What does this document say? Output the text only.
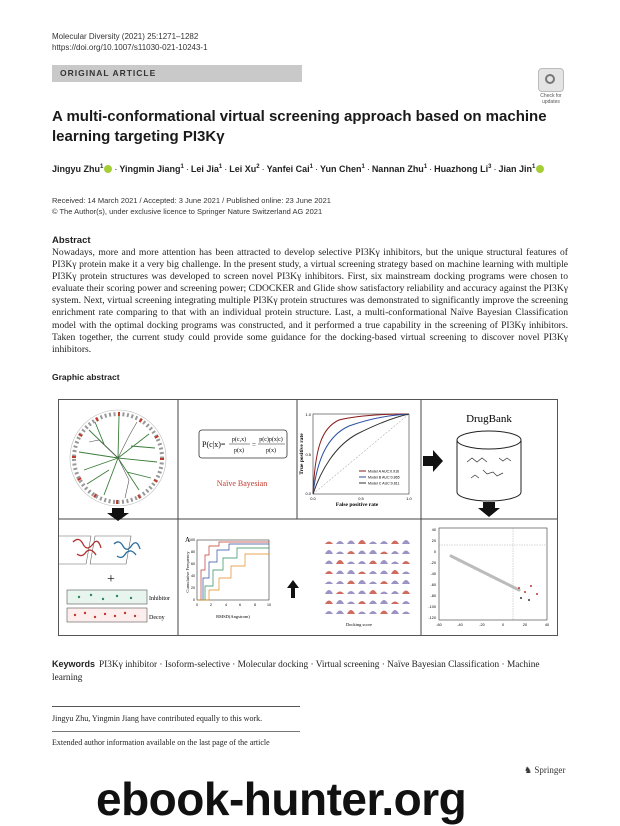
Molecular Diversity (2021) 25:1271–1282
https://doi.org/10.1007/s11030-021-10243-1
ORIGINAL ARTICLE
Check for updates
A multi-conformational virtual screening approach based on machine learning targeting PI3Kγ
Jingyu Zhu$^1$ · Yingmin Jiang$^1$ · Lei Jia$^1$ · Lei $Xu^2$ · Yanfei Cai$^1$ · Yun Chen$^1$ · Nannan Zhu$^1$ · Huazhong $Li^3$ · Jian Jin$^1$
Received: 14 March 2021 / Accepted: 3 June 2021 / Published online: 23 June 2021
© The Author(s), under exclusive licence to Springer Nature Switzerland AG 2021
Abstract
Nowadays, more and more attention has been attracted to develop selective PI3Kγ inhibitors, but the unique structural features of PI3Kγ protein make it a very big challenge. In the present study, a virtual screening strategy based on machine learning with multiple PI3Kγ protein structures was developed to screen novel PI3Kγ inhibitors. First, six mainstream docking programs were chosen to evaluate their scoring power and screening power; CDOCKER and Glide show satisfactory reliability and accuracy against the PI3Kγ system. Next, virtual screening integrating multiple PI3Kγ protein structures was demonstrated to significantly improve the screening enrichment rate comparing to that with an individual protein structure. Last, a multi-conformational Naïve Bayesian Classification model with the optimal docking programs was constructed, and it performed a true capability in the screening of PI3Kγ inhibitors. Taken together, the current study could provide some guidance for the docking-based virtual screening to discover novel PI3Kγ inhibitors.
Graphic abstract
P(c|x)= p(c,x)
p(x)
=
p(c)p(x|c)
p(x)
Naïve Bayesian
False positive rate
True positive rate
0.0	0.5	1.0
0.0
0.5
1.0
Model A AUC:0.916
Model B AUC:0.865
Model C AUC:0.811
DrugBank
+
Inhibitor
Decoy
A
RMSD(Angstrom)
Cumulative Frequency
0	2	4	6	8	10
0
20
40
60
80
100
Docking score
40
20
0
-20
-40
-60
-80
-100
-120
-60	-40	-20	0	20	40
Keywords PI3Kγ inhibitor · Isoform-selective · Molecular docking · Virtual screening · Naïve Bayesian Classification · Machine learning
Jingyu Zhu, Yingmin Jiang have contributed equally to this work.
Extended author information available on the last page of the article
♞ Springer
ebook-hunter.org
